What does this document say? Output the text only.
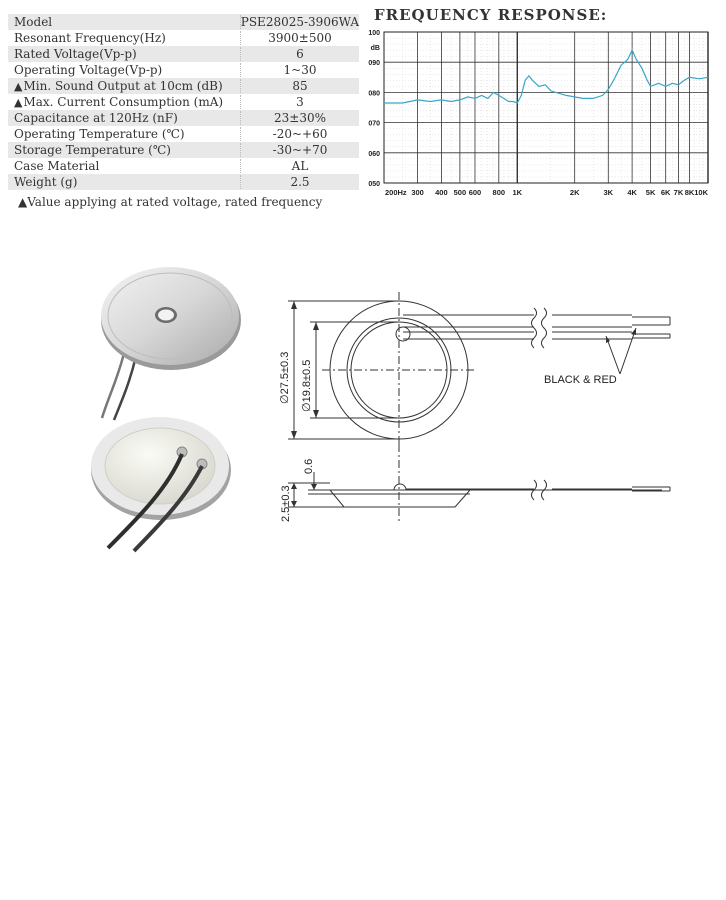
Model	PSE28025-3906WA
Resonant Frequency(Hz)	3900±500
Rated Voltage(Vp-p)	6
Operating Voltage(Vp-p)	1~30
▲Min. Sound Output at 10cm (dB)	85
▲Max. Current Consumption (mA)	3
Capacitance at 120Hz (nF)	23±30%
Operating Temperature (℃)	-20~+60
Storage Temperature (℃)	-30~+70
Case Material	AL
Weight (g)	2.5
▲Value applying at rated voltage, rated frequency
FREQUENCY RESPONSE:
100
090
080
070
060
050
dB
200Hz 300 400 500 600 800 1K	2K	3K 4K 5K 6K 7K 8K 10K
∅27.5±0.3 ∅19.8±0.5
0.6
2.5±0.3
BLACK & RED
